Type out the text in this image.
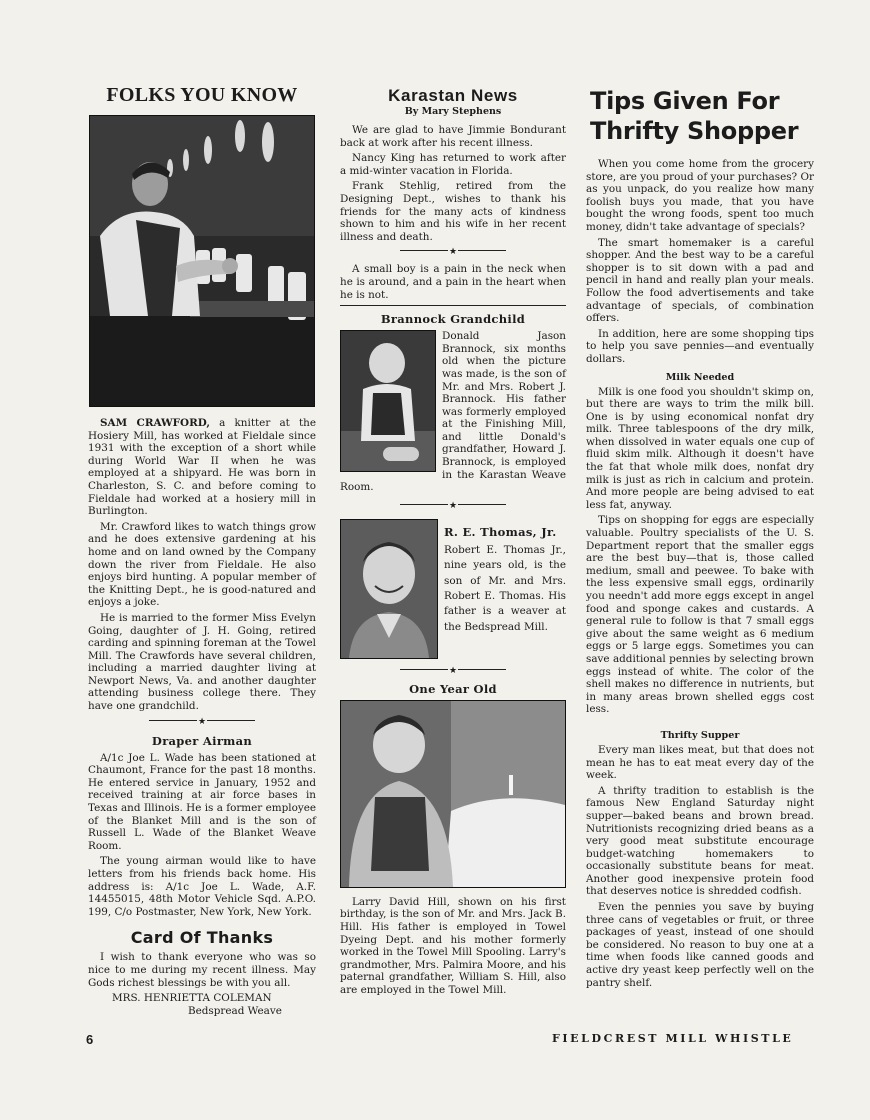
FOLKS YOU KNOW

SAM CRAWFORD, a knitter at the Hosiery Mill, has worked at Fieldale since 1931 with the exception of a short while during World War II when he was employed at a shipyard. He was born in Charleston, S. C. and before coming to Fieldale had worked at a hosiery mill in Burlington.

Mr. Crawford likes to watch things grow and he does extensive gardening at his home and on land owned by the Company down the river from Fieldale. He also enjoys bird hunting. A popular member of the Knitting Dept., he is good-natured and enjoys a joke.

He is married to the former Miss Evelyn Going, daughter of J. H. Going, retired carding and spinning foreman at the Towel Mill. The Crawfords have several children, including a married daughter living at Newport News, Va. and another daughter attending business college there. They have one grandchild.

★
Draper Airman

A/1c Joe L. Wade has been stationed at Chaumont, France for the past 18 months. He entered service in January, 1952 and received training at air force bases in Texas and Illinois. He is a former employee of the Blanket Mill and is the son of Russell L. Wade of the Blanket Weave Room.

The young airman would like to have letters from his friends back home. His address is: A/1c Joe L. Wade, A.F. 14455015, 48th Motor Vehicle Sqd. A.P.O. 199, C/o Postmaster, New York, New York.

Card Of Thanks

I wish to thank everyone who was so nice to me during my recent illness. May Gods richest blessings be with you all.

MRS. HENRIETTA COLEMAN
Bedspread Weave
Karastan News
By Mary Stephens

We are glad to have Jimmie Bondurant back at work after his recent illness.

Nancy King has returned to work after a mid-winter vacation in Florida.

Frank Stehlig, retired from the Designing Dept., wishes to thank his friends for the many acts of kindness shown to him and his wife in her recent illness and death.

★

A small boy is a pain in the neck when he is around, and a pain in the heart when he is not.

Brannock Grandchild

Donald Jason Brannock, six months old when the picture was made, is the son of Mr. and Mrs. Robert J. Brannock. His father was formerly employed at the Finishing Mill, and little Donald's grandfather, Howard J. Brannock, is employed in the Karastan Weave Room.

★
R. E. Thomas, Jr.

Robert E. Thomas Jr., nine years old, is the son of Mr. and Mrs. Robert E. Thomas. His father is a weaver at the Bedspread Mill.

★
One Year Old

Larry David Hill, shown on his first birthday, is the son of Mr. and Mrs. Jack B. Hill. His father is employed in Towel Dyeing Dept. and his mother formerly worked in the Towel Mill Spooling. Larry's grandmother, Mrs. Palmira Moore, and his paternal grandfather, William S. Hill, also are employed in the Towel Mill.

Tips Given For
Thrifty Shopper

When you come home from the grocery store, are you proud of your purchases? Or as you unpack, do you realize how many foolish buys you made, that you have bought the wrong foods, spent too much money, didn't take advantage of specials?

The smart homemaker is a careful shopper. And the best way to be a careful shopper is to sit down with a pad and pencil in hand and really plan your meals. Follow the food advertisements and take advantage of specials, of combination offers.

In addition, here are some shopping tips to help you save pennies—and eventually dollars.

Milk Needed

Milk is one food you shouldn't skimp on, but there are ways to trim the milk bill. One is by using economical nonfat dry milk. Three tablespoons of the dry milk, when dissolved in water equals one cup of fluid skim milk. Although it doesn't have the fat that whole milk does, nonfat dry milk is just as rich in calcium and protein. And more people are being advised to eat less fat, anyway.

Tips on shopping for eggs are especially valuable. Poultry specialists of the U. S. Department report that the smaller eggs are the best buy—that is, those called medium, small and peewee. To bake with the less expensive small eggs, ordinarily you needn't add more eggs except in angel food and sponge cakes and custards. A general rule to follow is that 7 small eggs give about the same weight as 6 medium eggs or 5 large eggs. Sometimes you can save additional pennies by selecting brown eggs instead of white. The color of the shell makes no difference in nutrients, but in many areas brown shelled eggs cost less.

Thrifty Supper

Every man likes meat, but that does not mean he has to eat meat every day of the week.

A thrifty tradition to establish is the famous New England Saturday night supper—baked beans and brown bread. Nutritionists recognizing dried beans as a very good meat substitute encourage budget-watching homemakers to occasionally substitute beans for meat. Another good inexpensive protein food that deserves notice is shredded codfish.

Even the pennies you save by buying three cans of vegetables or fruit, or three packages of yeast, instead of one should be considered. No reason to buy one at a time when foods like canned goods and active dry yeast keep perfectly well on the pantry shelf.

6	FIELDCREST MILL WHISTLE
